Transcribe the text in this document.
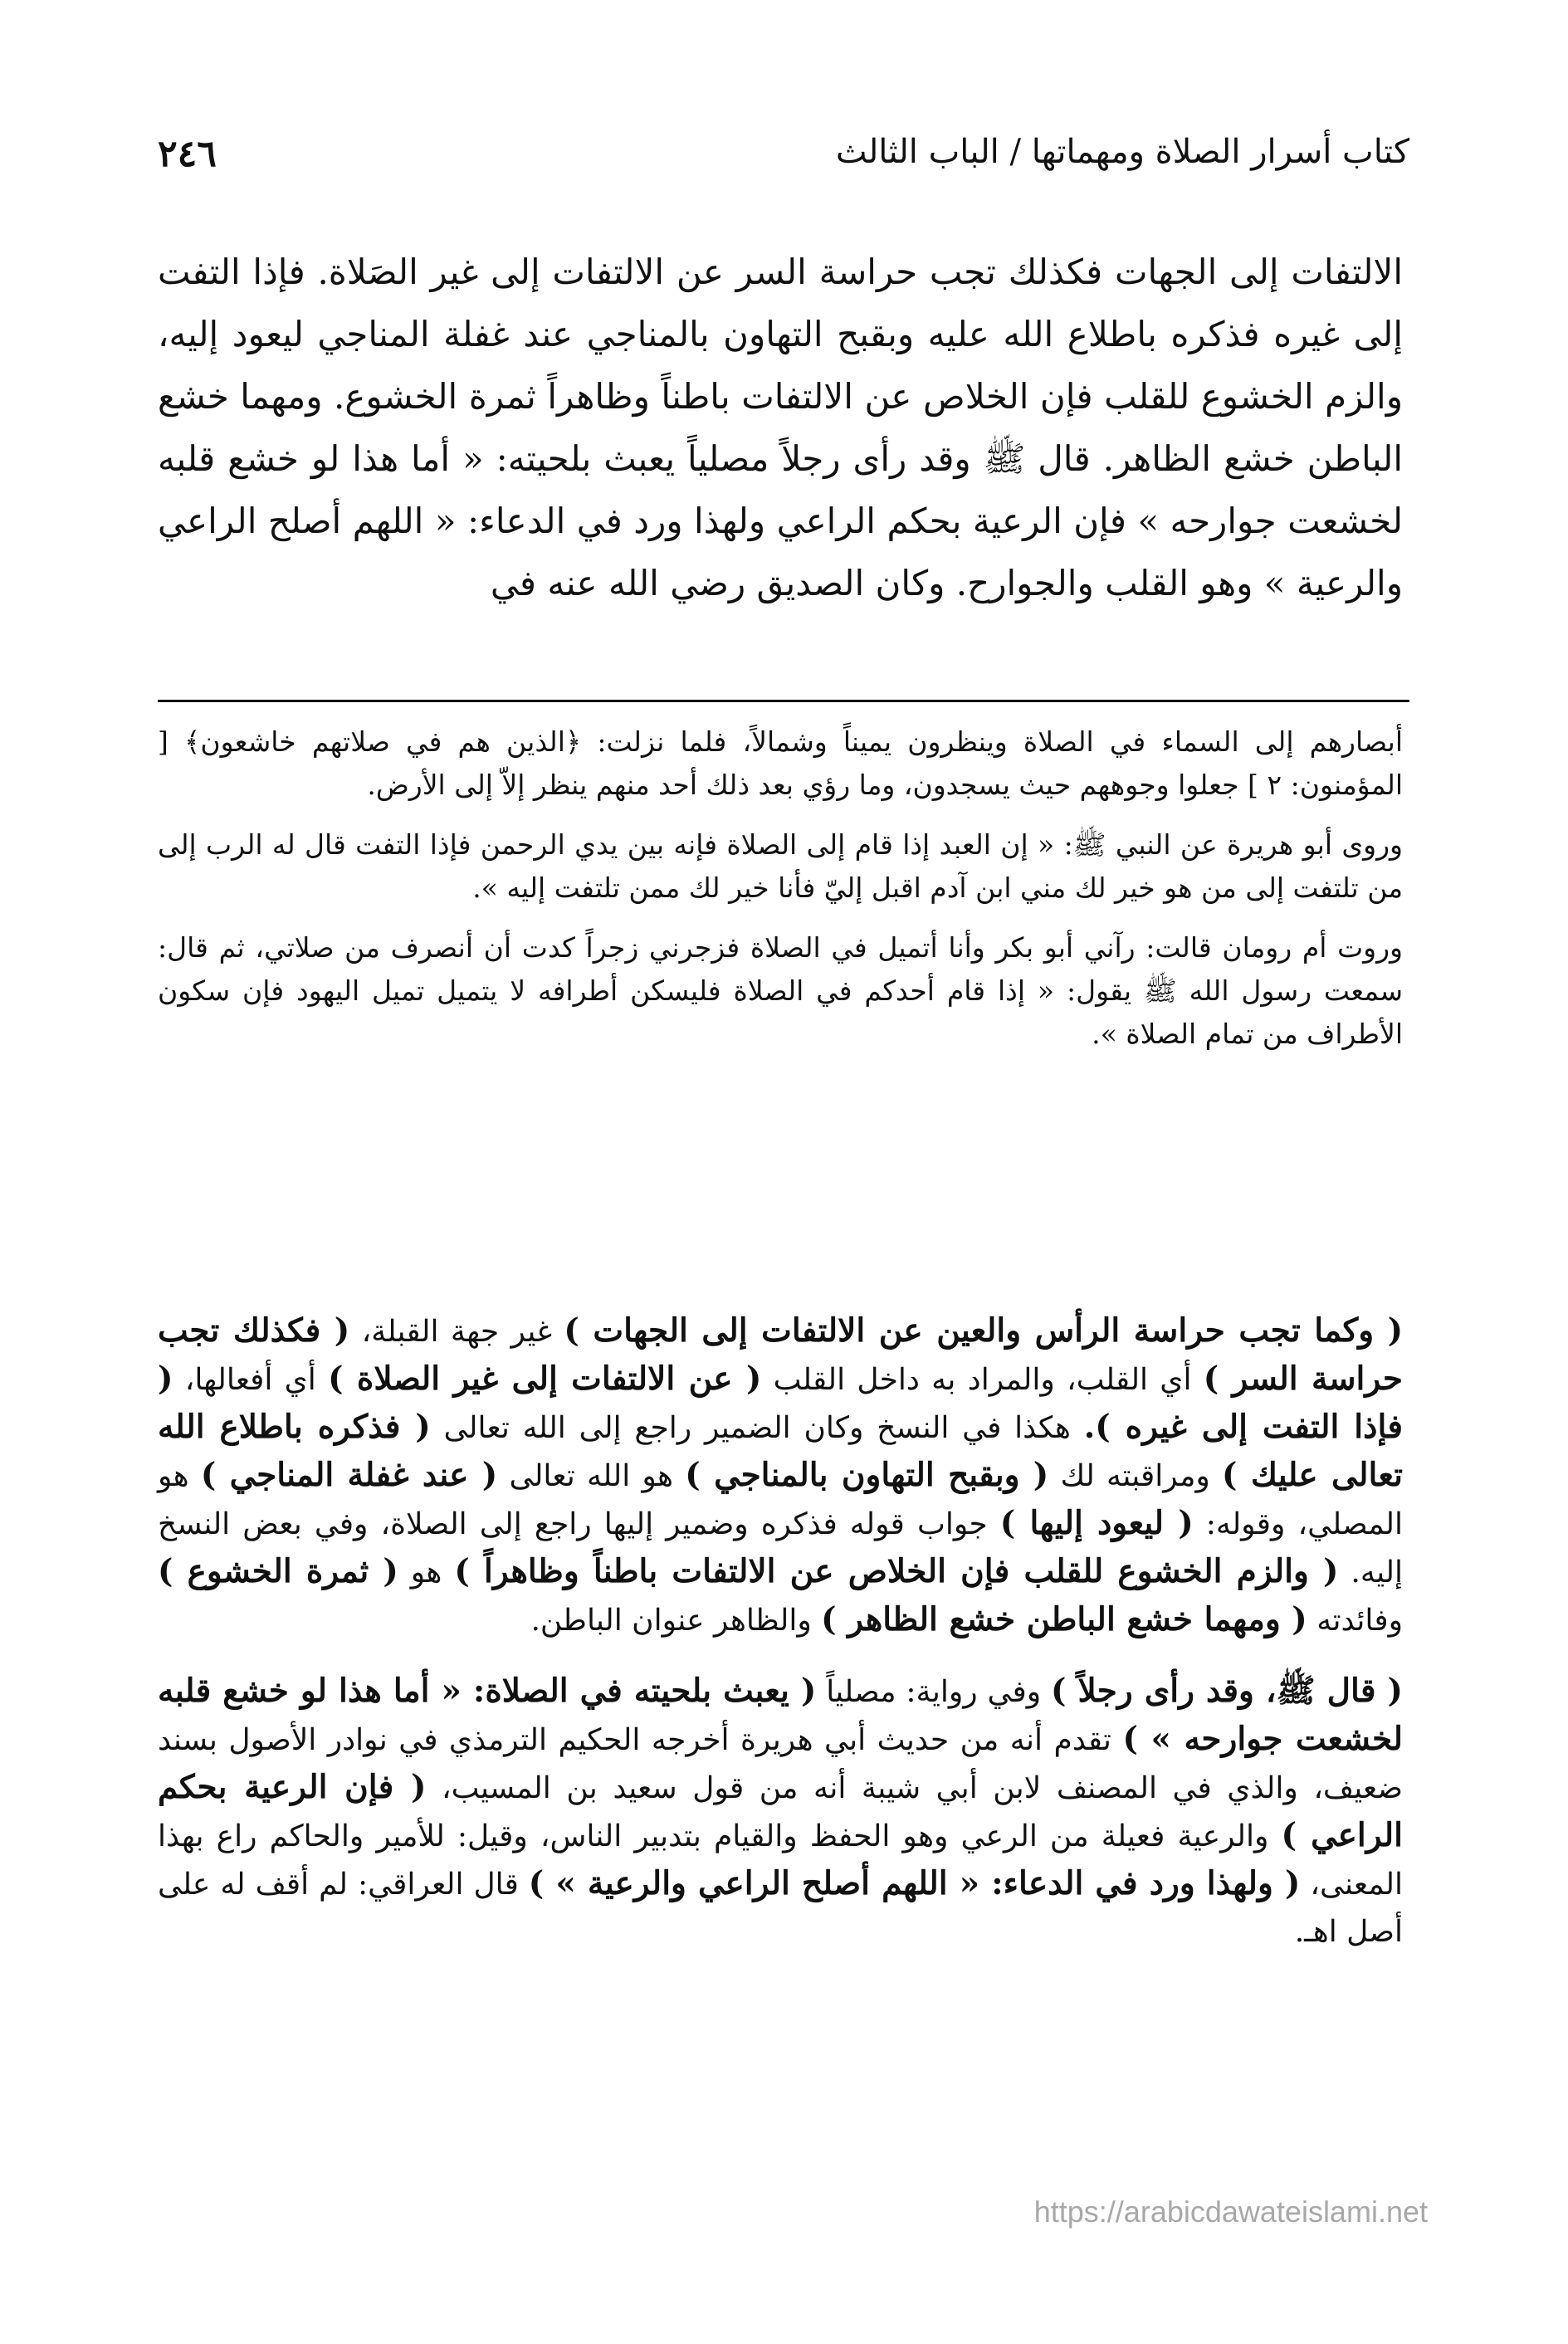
كتاب أسرار الصلاة ومهماتها / الباب الثالث
٢٤٦

الالتفات إلى الجهات فكذلك تجب حراسة السر عن الالتفات إلى غير الصَلاة. فإذا التفت إلى غيره فذكره باطلاع الله عليه وبقبح التهاون بالمناجي عند غفلة المناجي ليعود إليه، والزم الخشوع للقلب فإن الخلاص عن الالتفات باطناً وظاهراً ثمرة الخشوع. ومهما خشع الباطن خشع الظاهر. قال ﷺ وقد رأى رجلاً مصلياً يعبث بلحيته: « أما هذا لو خشع قلبه لخشعت جوارحه » فإن الرعية بحكم الراعي ولهذا ورد في الدعاء: « اللهم أصلح الراعي والرعية » وهو القلب والجوارح. وكان الصديق رضي الله عنه في

أبصارهم إلى السماء في الصلاة وينظرون يميناً وشمالاً، فلما نزلت: ﴿الذين هم في صلاتهم خاشعون﴾ [ المؤمنون: ٢ ] جعلوا وجوههم حيث يسجدون، وما رؤي بعد ذلك أحد منهم ينظر إلاّ إلى الأرض.

وروى أبو هريرة عن النبي ﷺ: « إن العبد إذا قام إلى الصلاة فإنه بين يدي الرحمن فإذا التفت قال له الرب إلى من تلتفت إلى من هو خير لك مني ابن آدم اقبل إليّ فأنا خير لك ممن تلتفت إليه ».

وروت أم رومان قالت: رآني أبو بكر وأنا أتميل في الصلاة فزجرني زجراً كدت أن أنصرف من صلاتي، ثم قال: سمعت رسول الله ﷺ يقول: « إذا قام أحدكم في الصلاة فليسكن أطرافه لا يتميل تميل اليهود فإن سكون الأطراف من تمام الصلاة ».

( وكما تجب حراسة الرأس والعين عن الالتفات إلى الجهات ) غير جهة القبلة، ( فكذلك تجب حراسة السر ) أي القلب، والمراد به داخل القلب ( عن الالتفات إلى غير الصلاة ) أي أفعالها، ( فإذا التفت إلى غيره ). هكذا في النسخ وكان الضمير راجع إلى الله تعالى ( فذكره باطلاع الله تعالى عليك ) ومراقبته لك ( وبقبح التهاون بالمناجي ) هو الله تعالى ( عند غفلة المناجي ) هو المصلي، وقوله: ( ليعود إليها ) جواب قوله فذكره وضمير إليها راجع إلى الصلاة، وفي بعض النسخ إليه. ( والزم الخشوع للقلب فإن الخلاص عن الالتفات باطناً وظاهراً ) هو ( ثمرة الخشوع ) وفائدته ( ومهما خشع الباطن خشع الظاهر ) والظاهر عنوان الباطن.

( قال ﷺ، وقد رأى رجلاً ) وفي رواية: مصلياً ( يعبث بلحيته في الصلاة: « أما هذا لو خشع قلبه لخشعت جوارحه » ) تقدم أنه من حديث أبي هريرة أخرجه الحكيم الترمذي في نوادر الأصول بسند ضعيف، والذي في المصنف لابن أبي شيبة أنه من قول سعيد بن المسيب، ( فإن الرعية بحكم الراعي ) والرعية فعيلة من الرعي وهو الحفظ والقيام بتدبير الناس، وقيل: للأمير والحاكم راع بهذا المعنى، ( ولهذا ورد في الدعاء: « اللهم أصلح الراعي والرعية » ) قال العراقي: لم أقف له على أصل اهـ.

https://arabicdawateislami.net
